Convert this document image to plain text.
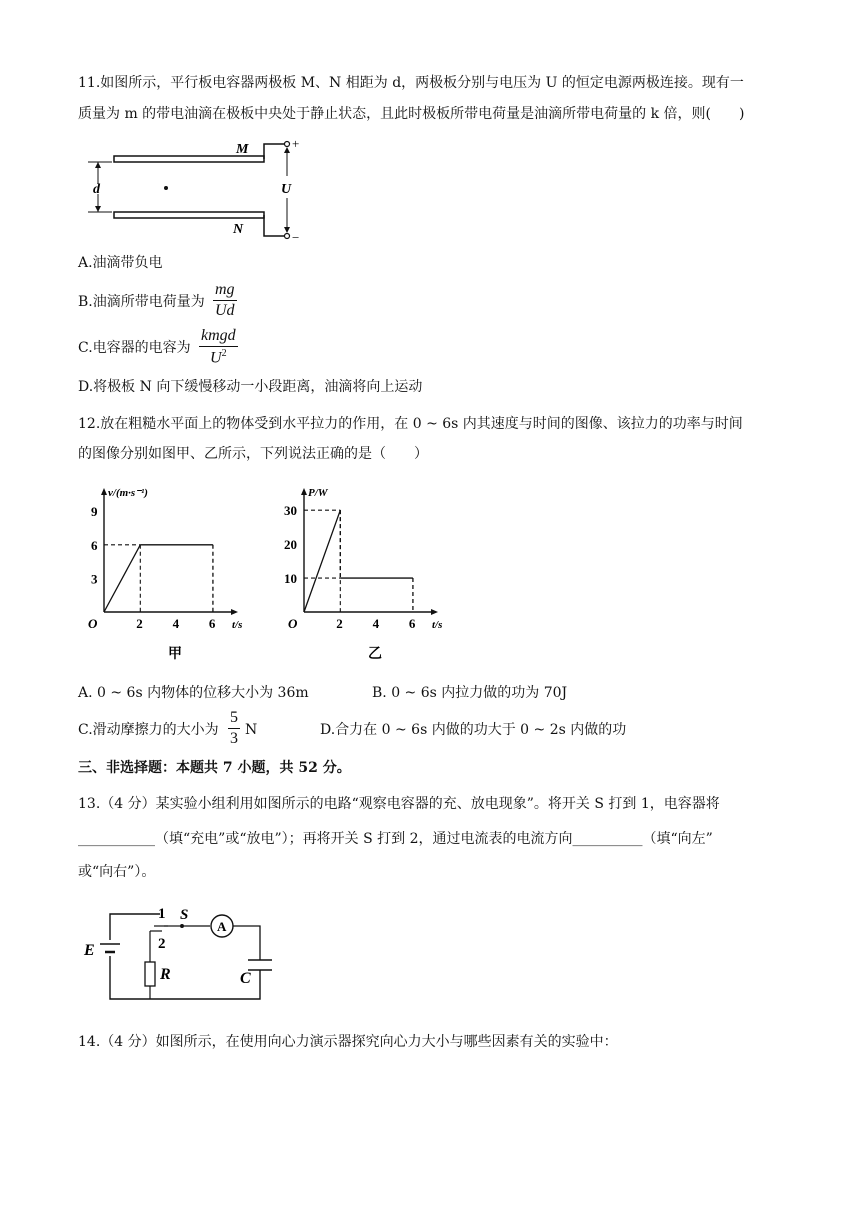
11.如图所示，平行板电容器两极板 M、N 相距为 d，两极板分别与电压为 U 的恒定电源两极连接。现有一
质量为 m 的带电油滴在极板中央处于静止状态，且此时极板所带电荷量是油滴所带电荷量的 k 倍，则(　　)
M
N
d	U
+
−
A.油滴带负电
B.油滴所带电荷量为
mg
Ud
C.电容器的电容为
kmgd
$U^2$
D.将极板 N 向下缓慢移动一小段距离，油滴将向上运动
12.放在粗糙水平面上的物体受到水平拉力的作用，在 0 ~ 6s 内其速度与时间的图像、该拉力的功率与时间
的图像分别如图甲、乙所示，下列说法正确的是（　　）
v/(m·s⁻¹)
t/s
O	2 4 6
3
6
9
甲
P/W
t/s
O	2 4 6
10
20
30
乙
A. 0 ~ 6s 内物体的位移大小为 36m	B. 0 ~ 6s 内拉力做的功为 70J
C.滑动摩擦力的大小为
5
3 N	D.合力在 0 ~ 6s 内做的功大于 0 ~ 2s 内做的功
三、非选择题：本题共 7 小题，共 52 分。
13.（4 分）某实验小组利用如图所示的电路“观察电容器的充、放电现象”。将开关 S 打到 1，电容器将
___________（填“充电”或“放电”）；再将开关 S 打到 2，通过电流表的电流方向__________（填“向左”
或“向右”）。
E
R	C
S
A
1
2
14.（4 分）如图所示，在使用向心力演示器探究向心力大小与哪些因素有关的实验中：
